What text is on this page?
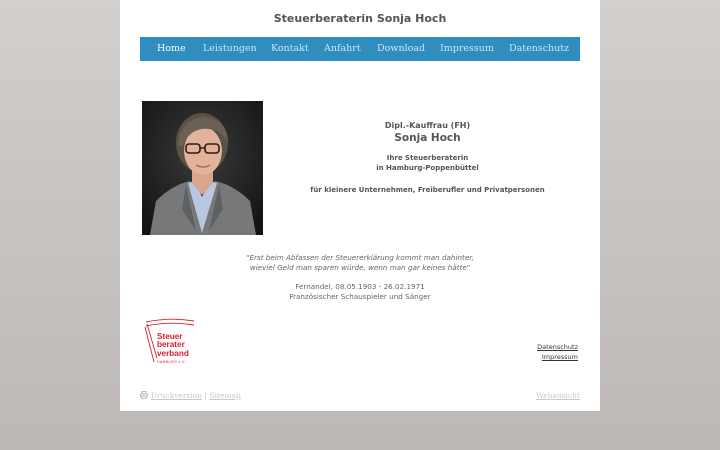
Steuerberaterin Sonja Hoch
Home Leistungen Kontakt Anfahrt Download Impressum Datenschutz
Dipl.-Kauffrau (FH)
Sonja Hoch
Ihre Steuerberaterin
in Hamburg-Poppenbüttel
für kleinere Unternehmen, Freiberufler und Privatpersonen
"Erst beim Abfassen der Steuererklärung kommt man dahinter,
wieviel Geld man sparen würde, wenn man gar keines hätte"
Fernandel, 08.05.1903 - 26.02.1971
Französischer Schauspieler und Sänger
Steuer
berater
verband
HAMBURG e.V.
Datenschutz
Impressum
Druckversion | Sitemap	Webansicht
